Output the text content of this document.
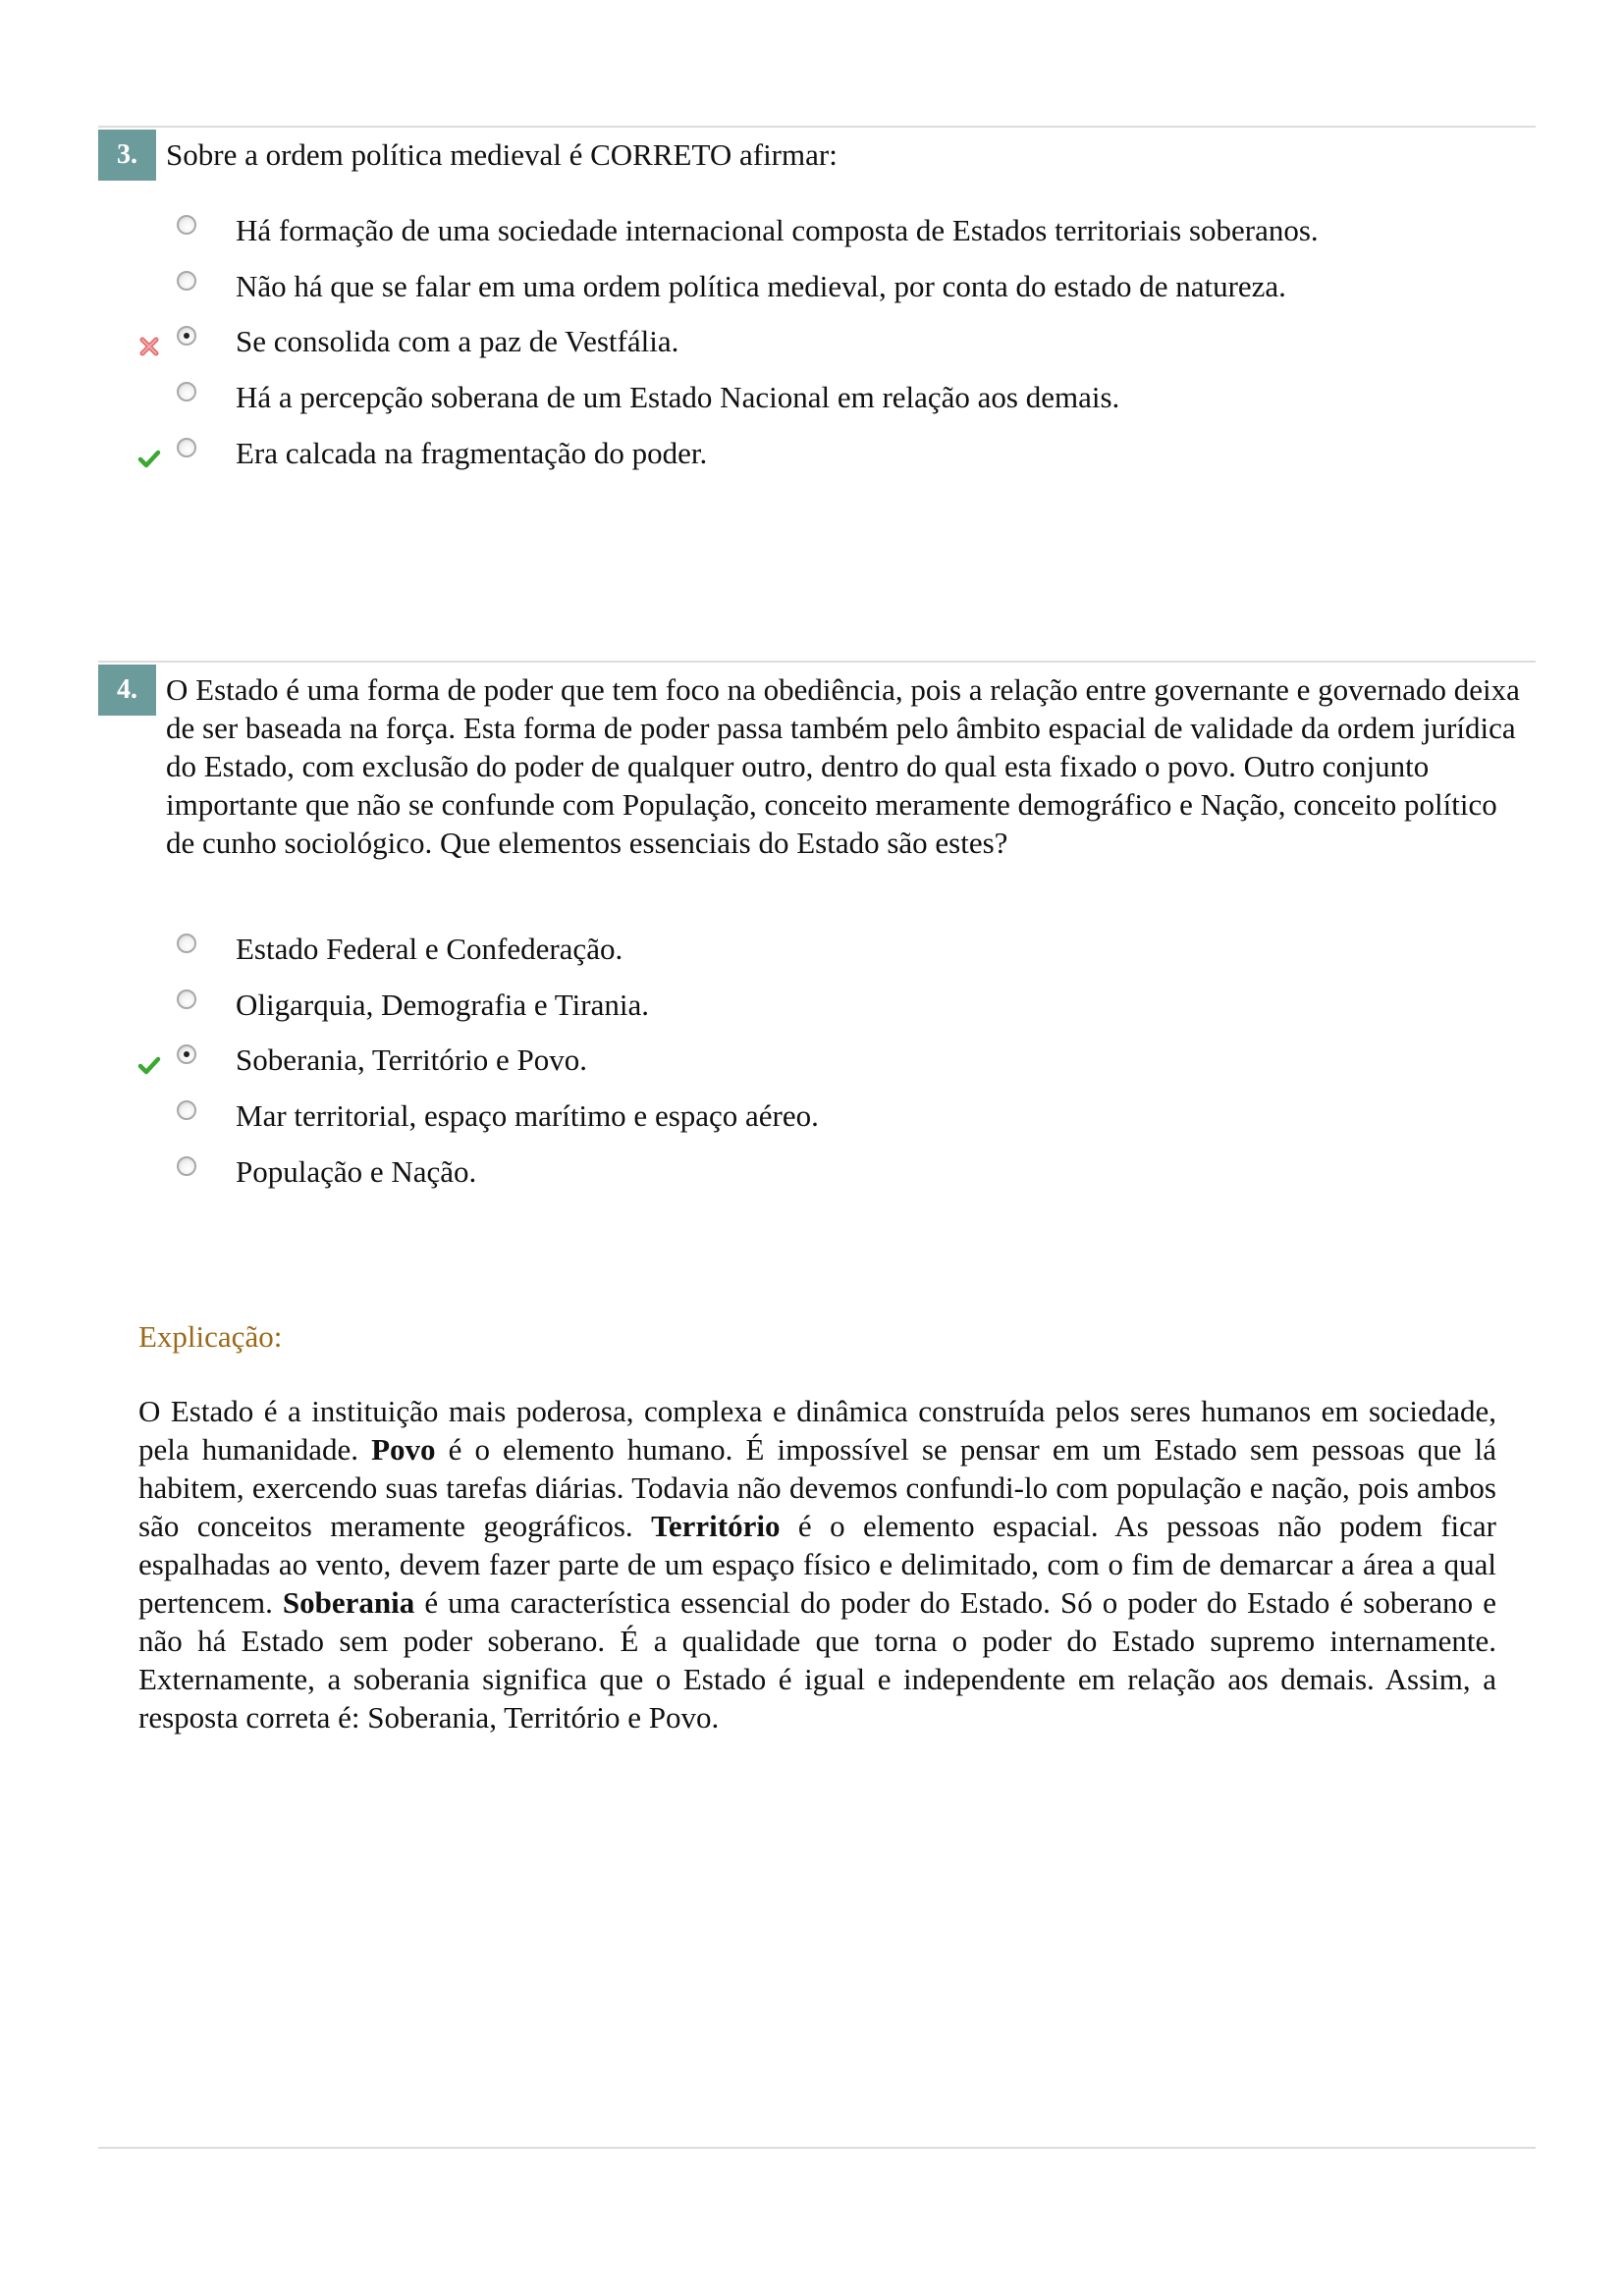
3. Sobre a ordem política medieval é CORRETO afirmar:
Há formação de uma sociedade internacional composta de Estados territoriais soberanos.
Não há que se falar em uma ordem política medieval, por conta do estado de natureza.
Se consolida com a paz de Vestfália.
Há a percepção soberana de um Estado Nacional em relação aos demais.
Era calcada na fragmentação do poder.
4. O Estado é uma forma de poder que tem foco na obediência, pois a relação entre governante e governado deixa de ser baseada na força. Esta forma de poder passa também pelo âmbito espacial de validade da ordem jurídica do Estado, com exclusão do poder de qualquer outro, dentro do qual esta fixado o povo. Outro conjunto importante que não se confunde com População, conceito meramente demográfico e Nação, conceito político de cunho sociológico. Que elementos essenciais do Estado são estes?
Estado Federal e Confederação.
Oligarquia, Demografia e Tirania.
Soberania, Território e Povo.
Mar territorial, espaço marítimo e espaço aéreo.
População e Nação.
Explicação:
O Estado é a instituição mais poderosa, complexa e dinâmica construída pelos seres humanos em sociedade, pela humanidade. Povo é o elemento humano. É impossível se pensar em um Estado sem pessoas que lá habitem, exercendo suas tarefas diárias. Todavia não devemos confundi-lo com população e nação, pois ambos são conceitos meramente geográficos. Território é o elemento espacial. As pessoas não podem ficar espalhadas ao vento, devem fazer parte de um espaço físico e delimitado, com o fim de demarcar a área a qual pertencem. Soberania é uma característica essencial do poder do Estado. Só o poder do Estado é soberano e não há Estado sem poder soberano. É a qualidade que torna o poder do Estado supremo internamente. Externamente, a soberania significa que o Estado é igual e independente em relação aos demais. Assim, a resposta correta é: Soberania, Território e Povo.
